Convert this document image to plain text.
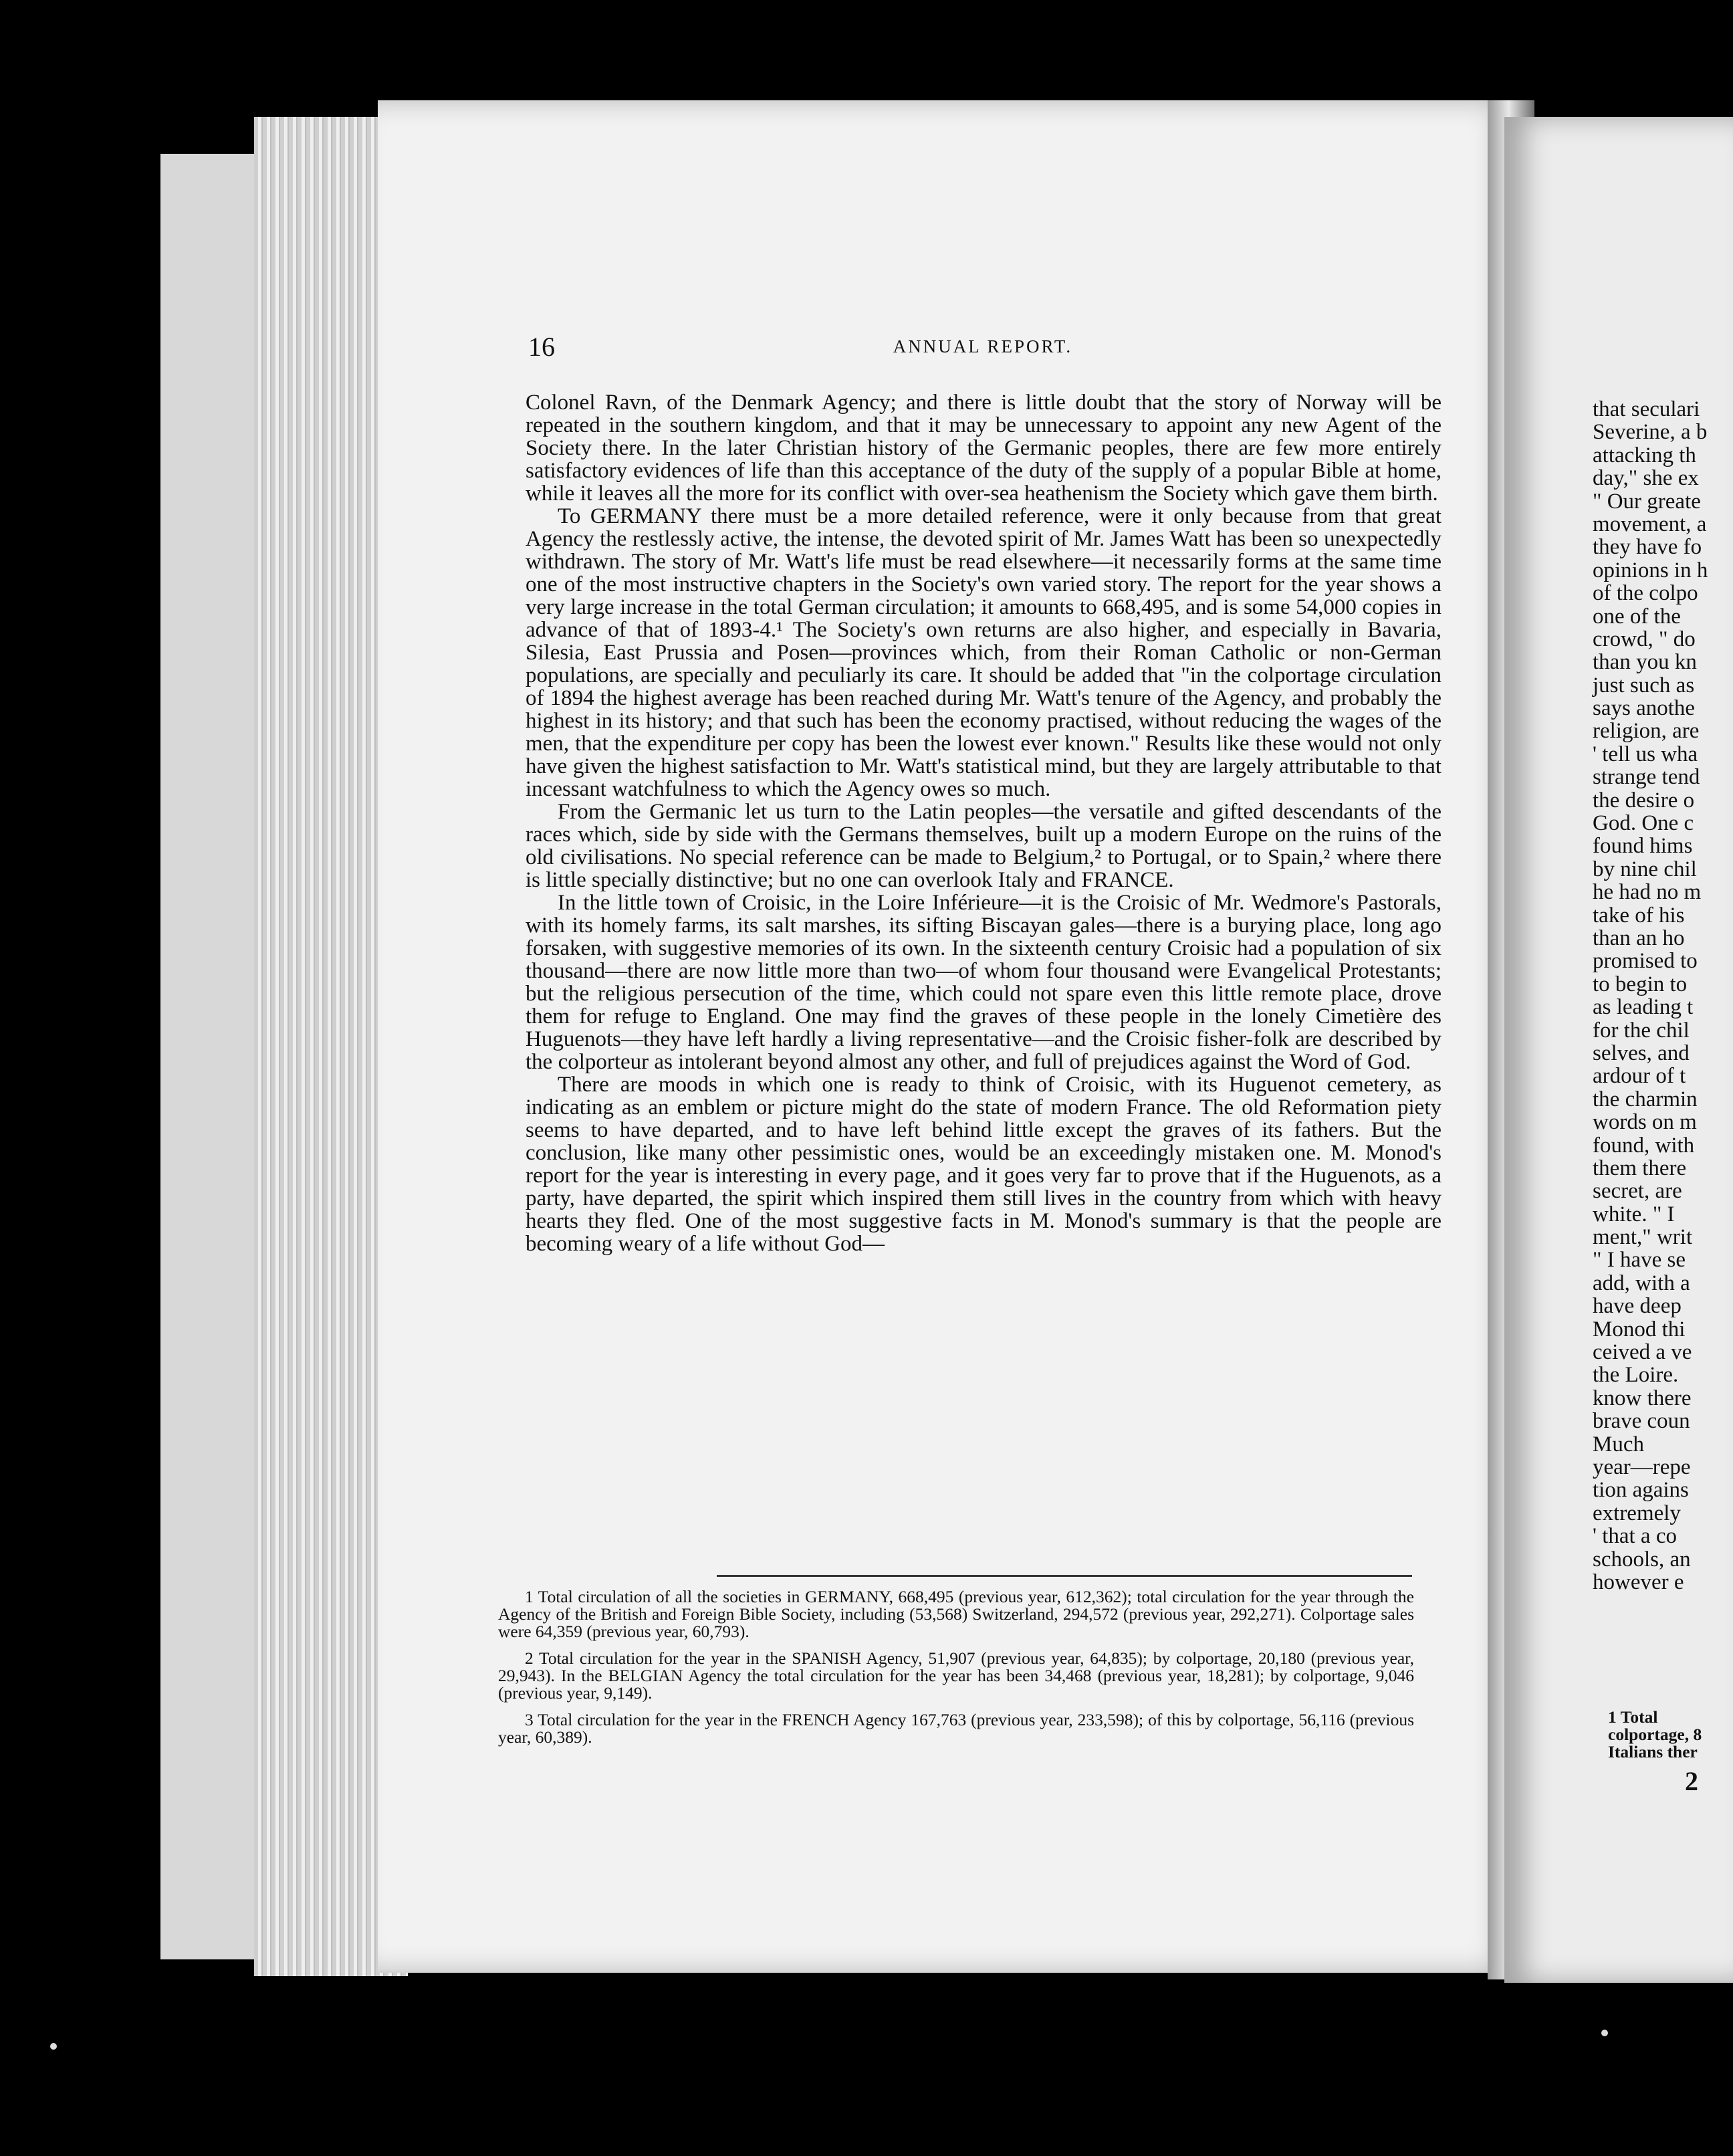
16	ANNUAL REPORT.

Colonel Ravn, of the Denmark Agency; and there is little doubt that the story of Norway will be repeated in the southern kingdom, and that it may be unnecessary to appoint any new Agent of the Society there. In the later Christian history of the Germanic peoples, there are few more entirely satisfactory evidences of life than this acceptance of the duty of the supply of a popular Bible at home, while it leaves all the more for its conflict with over-sea heathenism the Society which gave them birth.

To GERMANY there must be a more detailed reference, were it only because from that great Agency the restlessly active, the intense, the devoted spirit of Mr. James Watt has been so unexpectedly withdrawn. The story of Mr. Watt's life must be read elsewhere—it necessarily forms at the same time one of the most instructive chapters in the Society's own varied story. The report for the year shows a very large increase in the total German circulation; it amounts to 668,495, and is some 54,000 copies in advance of that of 1893-4.¹ The Society's own returns are also higher, and especially in Bavaria, Silesia, East Prussia and Posen—provinces which, from their Roman Catholic or non-German populations, are specially and peculiarly its care. It should be added that "in the colportage circulation of 1894 the highest average has been reached during Mr. Watt's tenure of the Agency, and probably the highest in its history; and that such has been the economy practised, without reducing the wages of the men, that the expenditure per copy has been the lowest ever known." Results like these would not only have given the highest satisfaction to Mr. Watt's statistical mind, but they are largely attributable to that incessant watchfulness to which the Agency owes so much.

From the Germanic let us turn to the Latin peoples—the versatile and gifted descendants of the races which, side by side with the Germans themselves, built up a modern Europe on the ruins of the old civilisations. No special reference can be made to Belgium,² to Portugal, or to Spain,² where there is little specially distinctive; but no one can overlook Italy and FRANCE.

In the little town of Croisic, in the Loire Inférieure—it is the Croisic of Mr. Wedmore's Pastorals, with its homely farms, its salt marshes, its sifting Biscayan gales—there is a burying place, long ago forsaken, with suggestive memories of its own. In the sixteenth century Croisic had a population of six thousand—there are now little more than two—of whom four thousand were Evangelical Protestants; but the religious persecution of the time, which could not spare even this little remote place, drove them for refuge to England. One may find the graves of these people in the lonely Cimetière des Huguenots—they have left hardly a living representative—and the Croisic fisher-folk are described by the colporteur as intolerant beyond almost any other, and full of prejudices against the Word of God.

There are moods in which one is ready to think of Croisic, with its Huguenot cemetery, as indicating as an emblem or picture might do the state of modern France. The old Reformation piety seems to have departed, and to have left behind little except the graves of its fathers. But the conclusion, like many other pessimistic ones, would be an exceedingly mistaken one. M. Monod's report for the year is interesting in every page, and it goes very far to prove that if the Huguenots, as a party, have departed, the spirit which inspired them still lives in the country from which with heavy hearts they fled. One of the most suggestive facts in M. Monod's summary is that the people are becoming weary of a life without God—

1 Total circulation of all the societies in GERMANY, 668,495 (previous year, 612,362); total circulation for the year through the Agency of the British and Foreign Bible Society, including (53,568) Switzerland, 294,572 (previous year, 292,271). Colportage sales were 64,359 (previous year, 60,793).

2 Total circulation for the year in the SPANISH Agency, 51,907 (previous year, 64,835); by colportage, 20,180 (previous year, 29,943). In the BELGIAN Agency the total circulation for the year has been 34,468 (previous year, 18,281); by colportage, 9,046 (previous year, 9,149).

3 Total circulation for the year in the FRENCH Agency 167,763 (previous year, 233,598); of this by colportage, 56,116 (previous year, 60,389).

that seculari
Severine, a b
attacking th
day," she ex
" Our greate
movement, a
they have fo
opinions in h
of the colpo
one of the
crowd, " do
than you kn
just such as
says anothe
religion, are
' tell us wha
strange tend
the desire o
God. One c
found hims
by nine chil
he had no m
take of his
than an ho
promised to
to begin to
as leading t
for the chil
selves, and
ardour of t
the charmin
words on m
found, with
them there
secret, are
white. " I
ment," writ
" I have se
add, with a
have deep
Monod thi
ceived a ve
the Loire.
know there
brave coun
Much
year—repe
tion agains
extremely
' that a co
schools, an
however e
1 Total
colportage, 8
Italians ther
2
